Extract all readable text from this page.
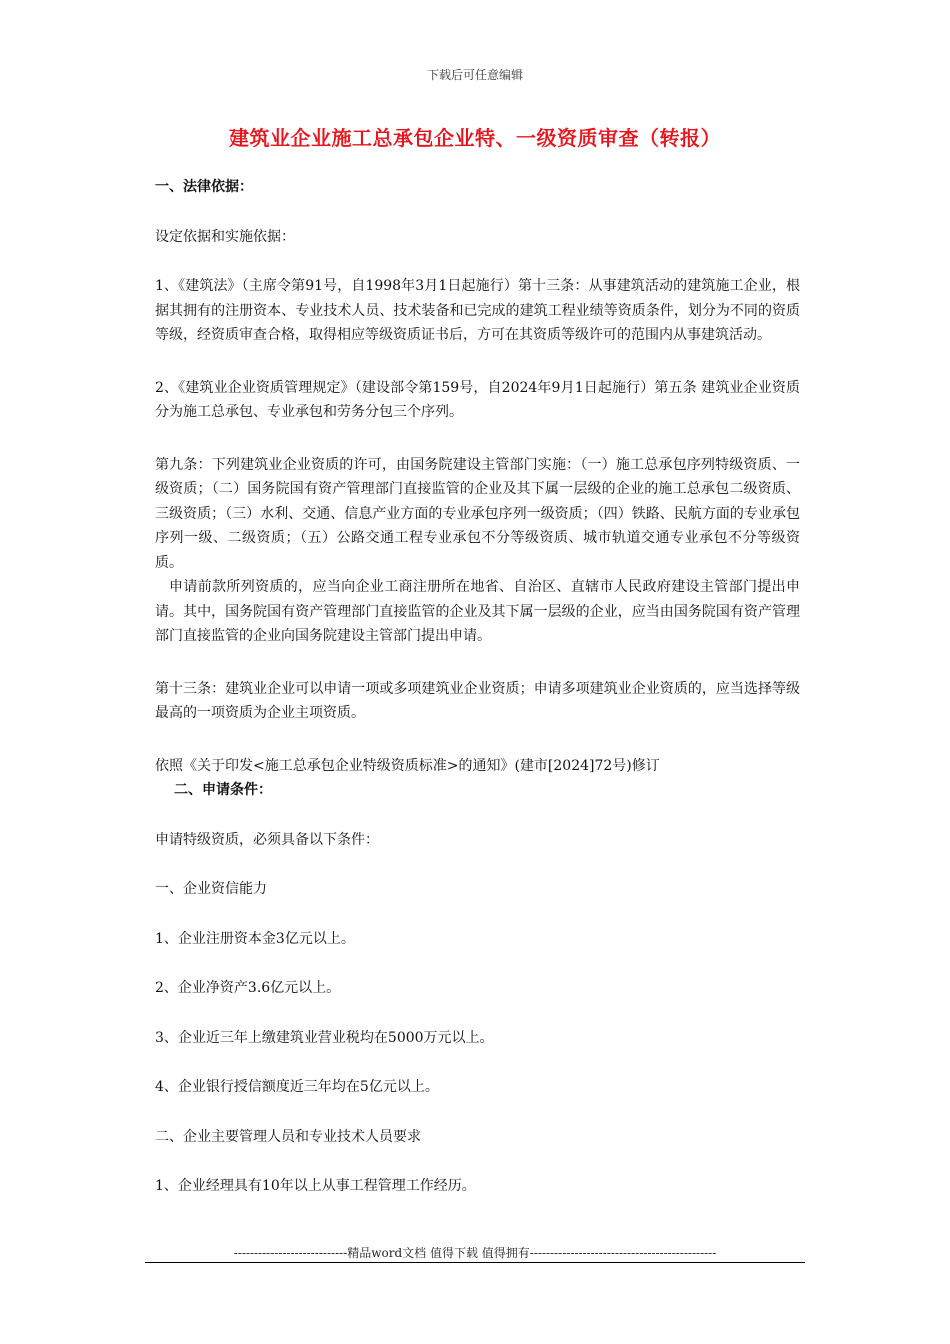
下载后可任意编辑
建筑业企业施工总承包企业特、一级资质审查（转报）

一、法律依据：

设定依据和实施依据：

1、《建筑法》（主席令第91号，自1998年3月1日起施行）第十三条：从事建筑活动的建筑施工企业，根据其拥有的注册资本、专业技术人员、技术装备和已完成的建筑工程业绩等资质条件，划分为不同的资质等级，经资质审查合格，取得相应等级资质证书后，方可在其资质等级许可的范围内从事建筑活动。

2、《建筑业企业资质管理规定》（建设部令第159号，自2024年9月1日起施行）第五条 建筑业企业资质分为施工总承包、专业承包和劳务分包三个序列。

第九条：下列建筑业企业资质的许可，由国务院建设主管部门实施：（一）施工总承包序列特级资质、一级资质；（二）国务院国有资产管理部门直接监管的企业及其下属一层级的企业的施工总承包二级资质、三级资质；（三）水利、交通、信息产业方面的专业承包序列一级资质；（四）铁路、民航方面的专业承包序列一级、二级资质；（五）公路交通工程专业承包不分等级资质、城市轨道交通专业承包不分等级资质。

申请前款所列资质的，应当向企业工商注册所在地省、自治区、直辖市人民政府建设主管部门提出申请。其中，国务院国有资产管理部门直接监管的企业及其下属一层级的企业，应当由国务院国有资产管理部门直接监管的企业向国务院建设主管部门提出申请。

第十三条：建筑业企业可以申请一项或多项建筑业企业资质；申请多项建筑业企业资质的，应当选择等级最高的一项资质为企业主项资质。

依照《关于印发<施工总承包企业特级资质标准>的通知》(建市[2024]72号)修订

二、申请条件：

申请特级资质，必须具备以下条件：

一、企业资信能力

1、企业注册资本金3亿元以上。

2、企业净资产3.6亿元以上。

3、企业近三年上缴建筑业营业税均在5000万元以上。

4、企业银行授信额度近三年均在5亿元以上。

二、企业主要管理人员和专业技术人员要求

1、企业经理具有10年以上从事工程管理工作经历。

----------------------------精品word文档 值得下载 值得拥有----------------------------------------------
